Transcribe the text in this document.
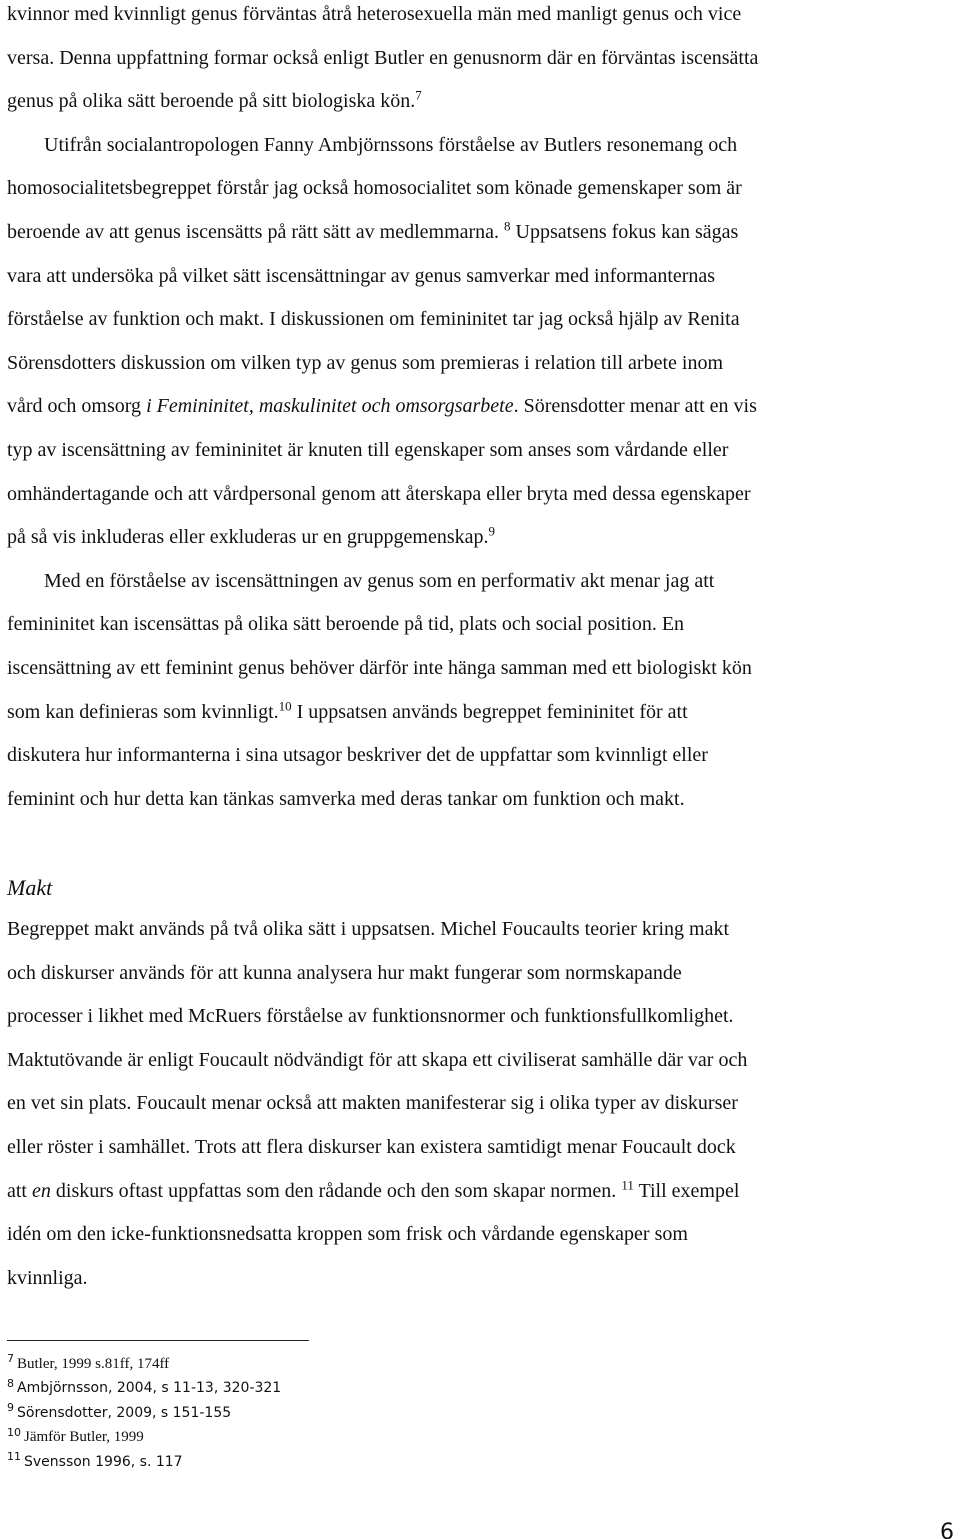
kvinnor med kvinnligt genus förväntas åtrå heterosexuella män med manligt genus och vice
versa. Denna uppfattning formar också enligt Butler en genusnorm där en förväntas iscensätta
genus på olika sätt beroende på sitt biologiska kön.$^7$
Utifrån socialantropologen Fanny Ambjörnssons förståelse av Butlers resonemang och
homosocialitetsbegreppet förstår jag också homosocialitet som könade gemenskaper som är
beroende av att genus iscensätts på rätt sätt av medlemmarna. $^8$ Uppsatsens fokus kan sägas
vara att undersöka på vilket sätt iscensättningar av genus samverkar med informanternas
förståelse av funktion och makt. I diskussionen om femininitet tar jag också hjälp av Renita
Sörensdotters diskussion om vilken typ av genus som premieras i relation till arbete inom
vård och omsorg i Femininitet, maskulinitet och omsorgsarbete. Sörensdotter menar att en vis
typ av iscensättning av femininitet är knuten till egenskaper som anses som vårdande eller
omhändertagande och att vårdpersonal genom att återskapa eller bryta med dessa egenskaper
på så vis inkluderas eller exkluderas ur en gruppgemenskap.$^9$
Med en förståelse av iscensättningen av genus som en performativ akt menar jag att
femininitet kan iscensättas på olika sätt beroende på tid, plats och social position. En
iscensättning av ett feminint genus behöver därför inte hänga samman med ett biologiskt kön
som kan definieras som kvinnligt.$^{10}$ I uppsatsen används begreppet femininitet för att
diskutera hur informanterna i sina utsagor beskriver det de uppfattar som kvinnligt eller
feminint och hur detta kan tänkas samverka med deras tankar om funktion och makt.
Makt
Begreppet makt används på två olika sätt i uppsatsen. Michel Foucaults teorier kring makt
och diskurser används för att kunna analysera hur makt fungerar som normskapande
processer i likhet med McRuers förståelse av funktionsnormer och funktionsfullkomlighet.
Maktutövande är enligt Foucault nödvändigt för att skapa ett civiliserat samhälle där var och
en vet sin plats. Foucault menar också att makten manifesterar sig i olika typer av diskurser
eller röster i samhället. Trots att flera diskurser kan existera samtidigt menar Foucault dock
att en diskurs oftast uppfattas som den rådande och den som skapar normen. $^{11}$ Till exempel
idén om den icke-funktionsnedsatta kroppen som frisk och vårdande egenskaper som
kvinnliga.
$^7$ Butler, 1999 s.81ff, 174ff
$^8$ Ambjörnsson, 2004, s 11-13, 320-321
$^9$ Sörensdotter, 2009, s 151-155
$^{10}$ Jämför Butler, 1999
$^{11}$ Svensson 1996, s. 117
6
